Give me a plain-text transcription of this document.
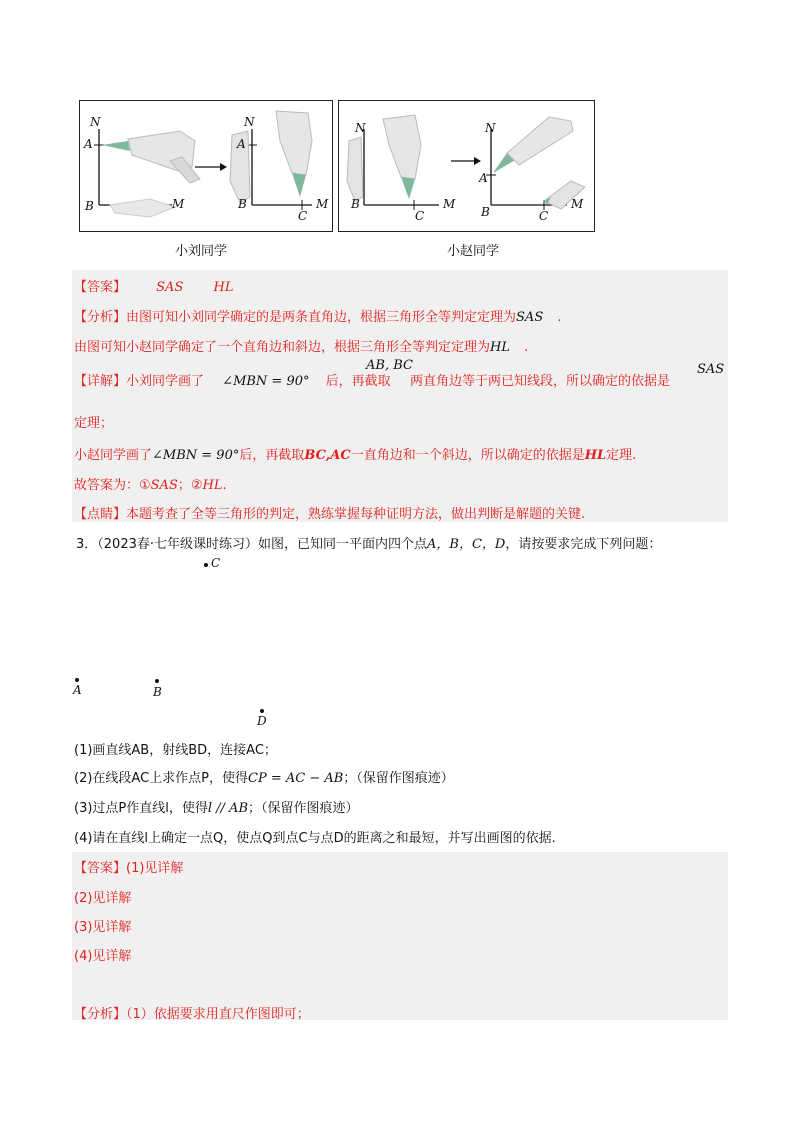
N
A
B	M
N
A
B
C
M
小刘同学
N
B
C
M
N
A
B	C
M
小赵同学
【答案】 SAS HL
【分析】由图可知小刘同学确定的是两条直角边，根据三角形全等判定定理为SAS .
由图可知小赵同学确定了一个直角边和斜边，根据三角形全等判定定理为HL .
【详解】小刘同学画了 ∠MBN = 90° 后，再截取
AB, BC
两直角边等于两已知线段，所以确定的依据是
SAS
定理；
小赵同学画了∠MBN = 90°后，再截取BC,AC一直角边和一个斜边，所以确定的依据是HL定理.
故答案为：①SAS；②HL.
【点睛】本题考查了全等三角形的判定，熟练掌握每种证明方法，做出判断是解题的关键.
3．（2023春·七年级课时练习）如图，已知同一平面内四个点A，B，C，D，请按要求完成下列问题：
C
A	B
D
(1)画直线AB，射线BD，连接AC；
(2)在线段AC上求作点P，使得CP = AC − AB；（保留作图痕迹）
(3)过点P作直线l，使得l // AB；（保留作图痕迹）
(4)请在直线l上确定一点Q，使点Q到点C与点D的距离之和最短，并写出画图的依据.
【答案】(1)见详解
(2)见详解
(3)见详解
(4)见详解
【分析】（1）依据要求用直尺作图即可；
